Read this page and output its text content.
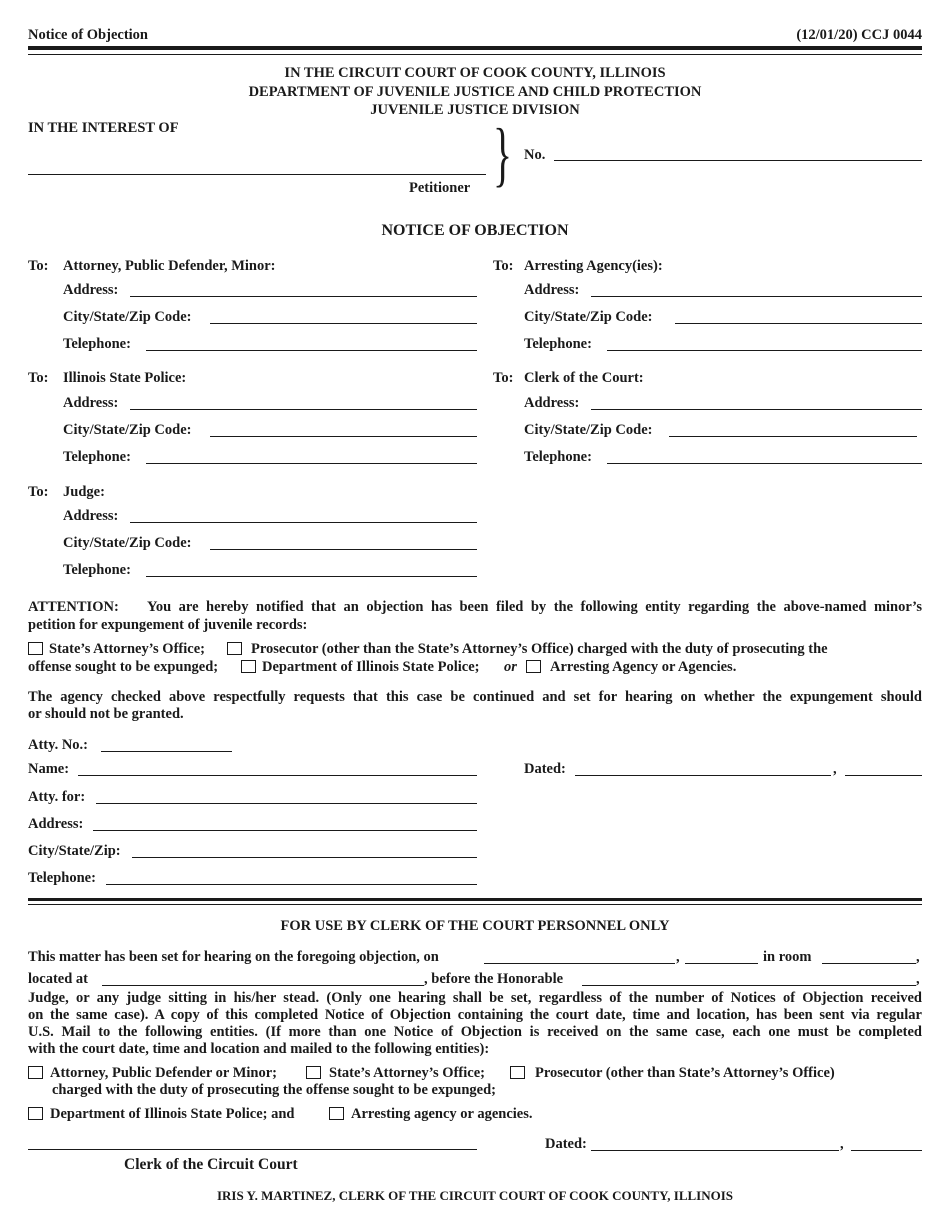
Notice of Objection	(12/01/20) CCJ 0044
IN THE CIRCUIT COURT OF COOK COUNTY, ILLINOIS
DEPARTMENT OF JUVENILE JUSTICE AND CHILD PROTECTION
JUVENILE JUSTICE DIVISION
IN THE INTEREST OF
Petitioner } No.
NOTICE OF OBJECTION
To: Attorney, Public Defender, Minor:
Address:
City/State/Zip Code:
Telephone:
To: Arresting Agency(ies):
Address:
City/State/Zip Code:
Telephone:
To: Illinois State Police:
Address:
City/State/Zip Code:
Telephone:
To: Clerk of the Court:
Address:
City/State/Zip Code:
Telephone:
To: Judge:
Address:
City/State/Zip Code:
Telephone:
ATTENTION: You are hereby notified that an objection has been filed by the following entity regarding the above-named minor’s
petition for expungement of juvenile records:
State’s Attorney’s Office;	Prosecutor (other than the State’s Attorney’s Office) charged with the duty of prosecuting the
offense sought to be expunged;	Department of Illinois State Police; or Arresting Agency or Agencies.
The agency checked above respectfully requests that this case be continued and set for hearing on whether the expungement should
or should not be granted.
Atty. No.:
Name:	Dated:	,
Atty. for:
Address:
City/State/Zip:
Telephone:
FOR USE BY CLERK OF THE COURT PERSONNEL ONLY
This matter has been set for hearing on the foregoing objection, on	,	in room	,
located at	, before the Honorable	,
Judge, or any judge sitting in his/her stead. (Only one hearing shall be set, regardless of the number of Notices of Objection received
on the same case). A copy of this completed Notice of Objection containing the court date, time and location, has been sent via regular
U.S. Mail to the following entities. (If more than one Notice of Objection is received on the same case, each one must be completed
with the court date, time and location and mailed to the following entities):
Attorney, Public Defender or Minor;	State’s Attorney’s Office;	Prosecutor (other than State’s Attorney’s Office)
charged with the duty of prosecuting the offense sought to be expunged;
Department of Illinois State Police; and	Arresting agency or agencies.
Dated:	,
Clerk of the Circuit Court
IRIS Y. MARTINEZ, CLERK OF THE CIRCUIT COURT OF COOK COUNTY, ILLINOIS
